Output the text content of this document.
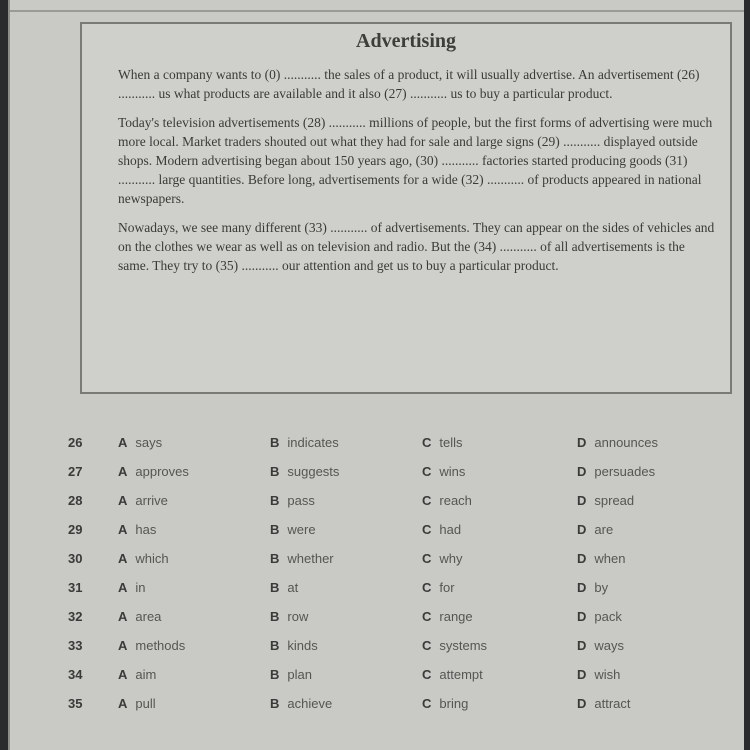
Advertising

When a company wants to (0) ........... the sales of a product, it will usually advertise. An advertisement (26) ........... us what products are available and it also (27) ........... us to buy a particular product.

Today's television advertisements (28) ........... millions of people, but the first forms of advertising were much more local. Market traders shouted out what they had for sale and large signs (29) ........... displayed outside shops. Modern advertising began about 150 years ago, (30) ........... factories started producing goods (31) ........... large quantities. Before long, advertisements for a wide (32) ........... of products appeared in national newspapers.

Nowadays, we see many different (33) ........... of advertisements. They can appear on the sides of vehicles and on the clothes we wear as well as on television and radio. But the (34) ........... of all advertisements is the same. They try to (35) ........... our attention and get us to buy a particular product.

26	A says	B indicates	C tells	D announces
27	A approves	B suggests	C wins	D persuades
28	A arrive	B pass	C reach	D spread
29	A has	B were	C had	D are
30	A which	B whether	C why	D when
31	A in	B at	C for	D by
32	A area	B row	C range	D pack
33	A methods	B kinds	C systems	D ways
34	A aim	B plan	C attempt	D wish
35	A pull	B achieve	C bring	D attract
